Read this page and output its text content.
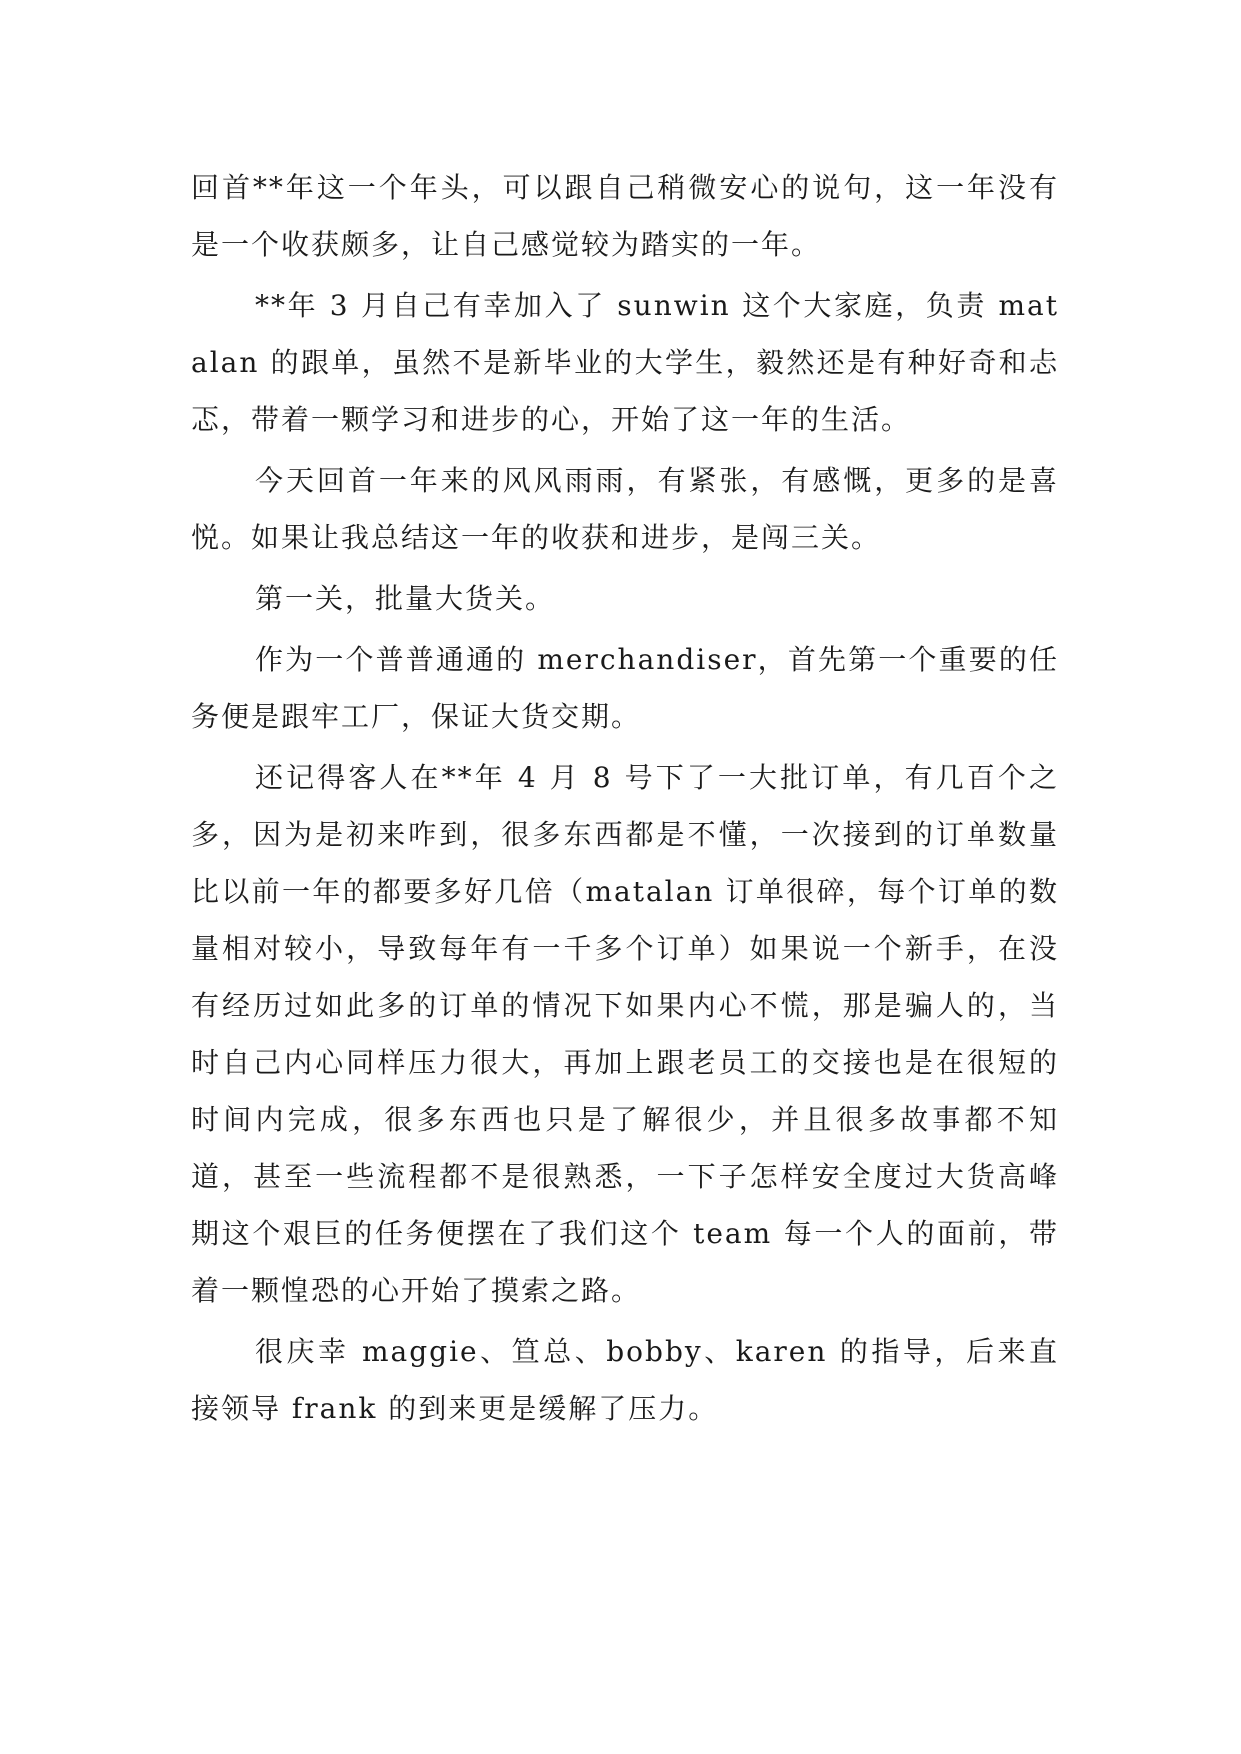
回首**年这一个年头，可以跟自己稍微安心的说句，这一年没有是一个收获颇多，让自己感觉较为踏实的一年。

**年 3 月自己有幸加入了 sunwin 这个大家庭，负责 matalan 的跟单，虽然不是新毕业的大学生，毅然还是有种好奇和忐忑，带着一颗学习和进步的心，开始了这一年的生活。

今天回首一年来的风风雨雨，有紧张，有感慨，更多的是喜悦。如果让我总结这一年的收获和进步，是闯三关。

第一关，批量大货关。

作为一个普普通通的 merchandiser，首先第一个重要的任务便是跟牢工厂，保证大货交期。

还记得客人在**年 4 月 8 号下了一大批订单，有几百个之多，因为是初来咋到，很多东西都是不懂，一次接到的订单数量比以前一年的都要多好几倍（matalan 订单很碎，每个订单的数量相对较小，导致每年有一千多个订单）如果说一个新手，在没有经历过如此多的订单的情况下如果内心不慌，那是骗人的，当时自己内心同样压力很大，再加上跟老员工的交接也是在很短的时间内完成，很多东西也只是了解很少，并且很多故事都不知道，甚至一些流程都不是很熟悉，一下子怎样安全度过大货高峰期这个艰巨的任务便摆在了我们这个 team 每一个人的面前，带着一颗惶恐的心开始了摸索之路。

很庆幸 maggie、笪总、bobby、karen 的指导，后来直接领导 frank 的到来更是缓解了压力。
